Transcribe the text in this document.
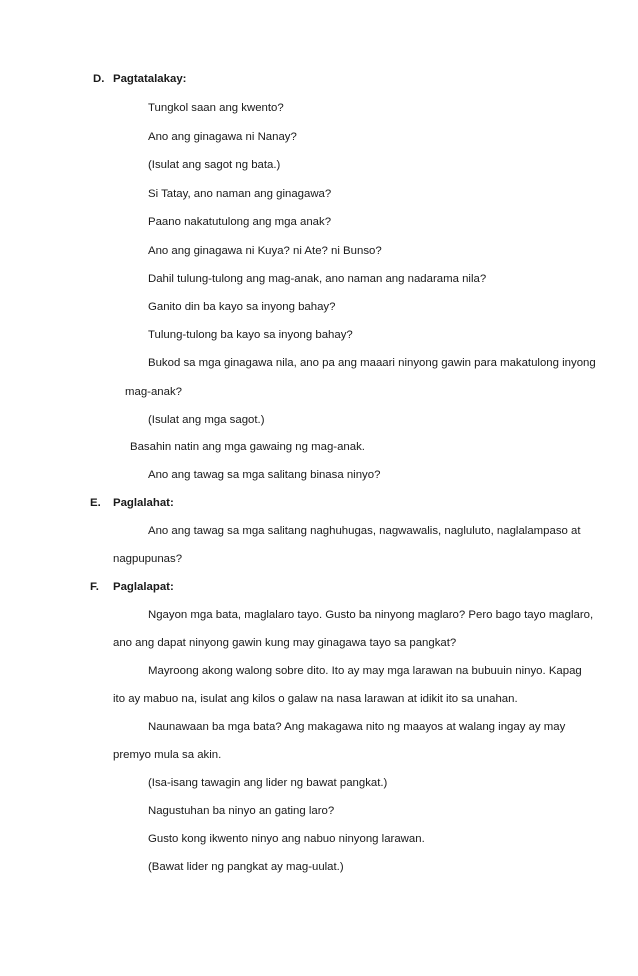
D. Pagtatalakay:
Tungkol saan ang kwento?
Ano ang ginagawa ni Nanay?
(Isulat ang sagot ng bata.)
Si Tatay, ano naman ang ginagawa?
Paano nakatutulong ang mga anak?
Ano ang ginagawa ni Kuya? ni Ate? ni Bunso?
Dahil tulung-tulong ang mag-anak, ano naman ang nadarama nila?
Ganito din ba kayo sa inyong bahay?
Tulung-tulong ba kayo sa inyong bahay?
Bukod sa mga ginagawa nila, ano pa ang maaari ninyong gawin para makatulong inyong
mag-anak?
(Isulat ang mga sagot.)
Basahin natin ang mga gawaing ng mag-anak.
Ano ang tawag sa mga salitang binasa ninyo?
E. Paglalahat:
Ano ang tawag sa mga salitang naghuhugas, nagwawalis, nagluluto, naglalampaso at
nagpupunas?
F. Paglalapat:
Ngayon mga bata, maglalaro tayo. Gusto ba ninyong maglaro? Pero bago tayo maglaro,
ano ang dapat ninyong gawin kung may ginagawa tayo sa pangkat?
Mayroong akong walong sobre dito. Ito ay may mga larawan na bubuuin ninyo. Kapag
ito ay mabuo na, isulat ang kilos o galaw na nasa larawan at idikit ito sa unahan.
Naunawaan ba mga bata? Ang makagawa nito ng maayos at walang ingay ay may
premyo mula sa akin.
(Isa-isang tawagin ang lider ng bawat pangkat.)
Nagustuhan ba ninyo an gating laro?
Gusto kong ikwento ninyo ang nabuo ninyong larawan.
(Bawat lider ng pangkat ay mag-uulat.)
